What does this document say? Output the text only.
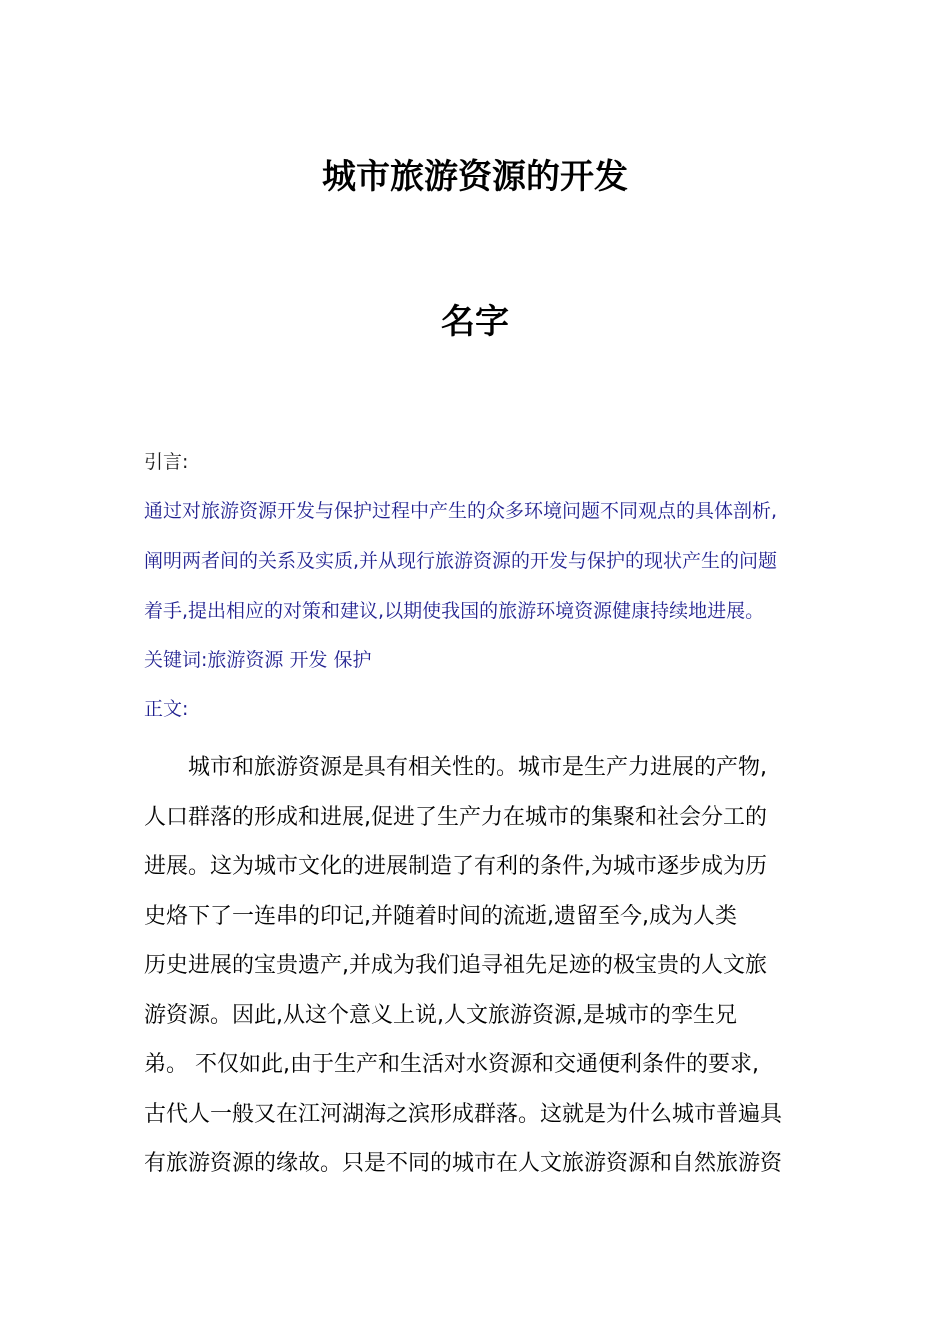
城市旅游资源的开发
名字

引言:

通过对旅游资源开发与保护过程中产生的众多环境问题不同观点的具体剖析,

阐明两者间的关系及实质,并从现行旅游资源的开发与保护的现状产生的问题

着手,提出相应的对策和建议,以期使我国的旅游环境资源健康持续地进展。

关键词:旅游资源 开发 保护

正文:

城市和旅游资源是具有相关性的。城市是生产力进展的产物,
人口群落的形成和进展,促进了生产力在城市的集聚和社会分工的
进展。这为城市文化的进展制造了有利的条件,为城市逐步成为历
史烙下了一连串的印记,并随着时间的流逝,遗留至今,成为人类
历史进展的宝贵遗产,并成为我们追寻祖先足迹的极宝贵的人文旅
游资源。因此,从这个意义上说,人文旅游资源,是城市的孪生兄
弟。 不仅如此,由于生产和生活对水资源和交通便利条件的要求,
古代人一般又在江河湖海之滨形成群落。这就是为什么城市普遍具
有旅游资源的缘故。只是不同的城市在人文旅游资源和自然旅游资
